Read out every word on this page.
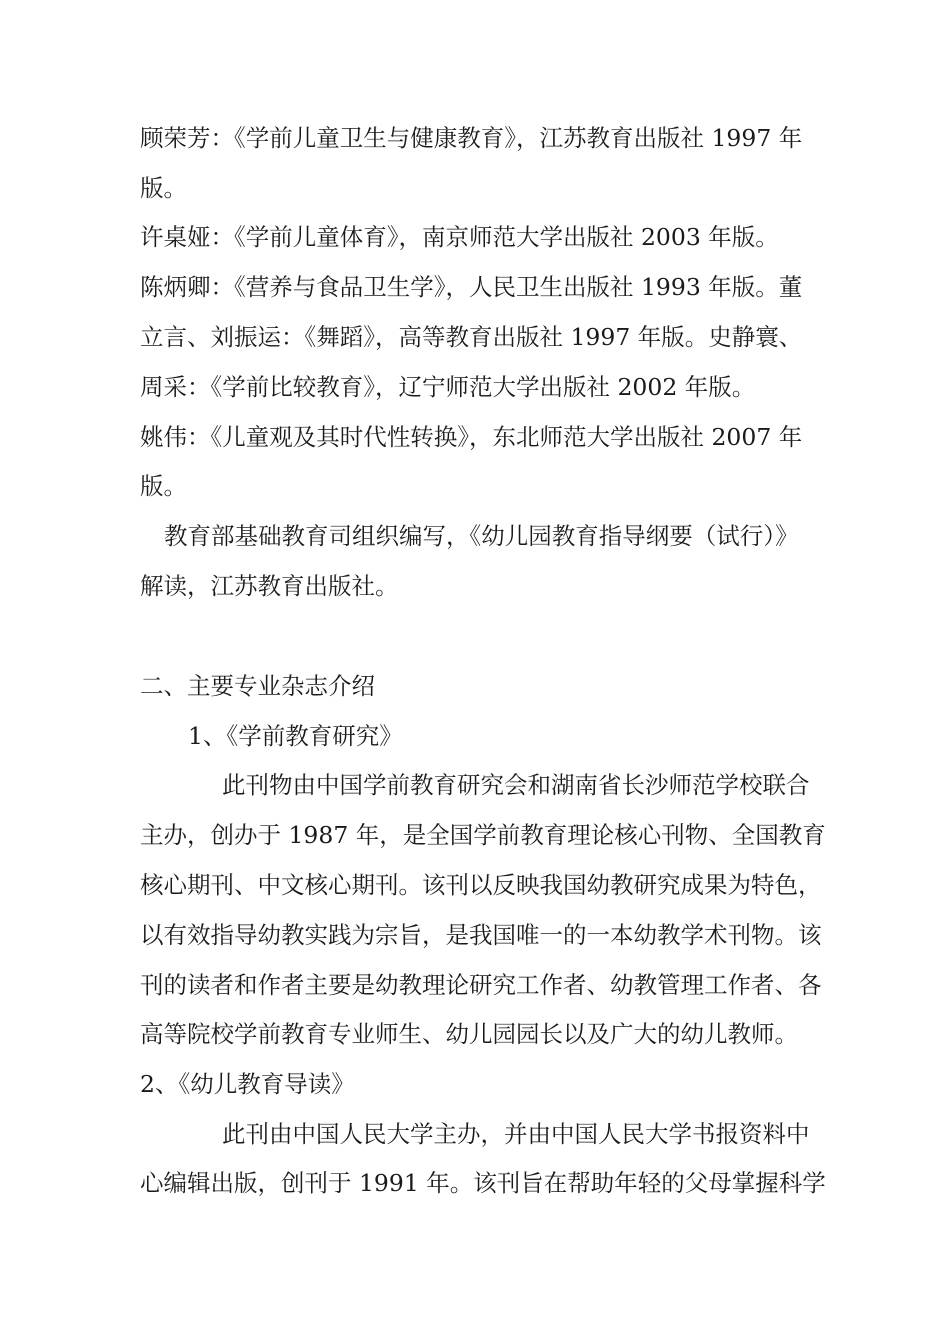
顾荣芳：《学前儿童卫生与健康教育》，江苏教育出版社 1997 年

版。

许桌娅：《学前儿童体育》，南京师范大学出版社 2003 年版。

陈炳卿：《营养与食品卫生学》，人民卫生出版社 1993 年版。董

立言、刘振运：《舞蹈》，高等教育出版社 1997 年版。史静寰、

周采：《学前比较教育》，辽宁师范大学出版社 2002 年版。

姚伟：《儿童观及其时代性转换》，东北师范大学出版社 2007 年

版。

教育部基础教育司组织编写，《幼儿园教育指导纲要（试行）》

解读，江苏教育出版社。

二、主要专业杂志介绍

1、《学前教育研究》

此刊物由中国学前教育研究会和湖南省长沙师范学校联合

主办，创办于 1987 年，是全国学前教育理论核心刊物、全国教育

核心期刊、中文核心期刊。该刊以反映我国幼教研究成果为特色，

以有效指导幼教实践为宗旨，是我国唯一的一本幼教学术刊物。该

刊的读者和作者主要是幼教理论研究工作者、幼教管理工作者、各

高等院校学前教育专业师生、幼儿园园长以及广大的幼儿教师。

2、《幼儿教育导读》

此刊由中国人民大学主办，并由中国人民大学书报资料中

心编辑出版，创刊于 1991 年。该刊旨在帮助年轻的父母掌握科学
